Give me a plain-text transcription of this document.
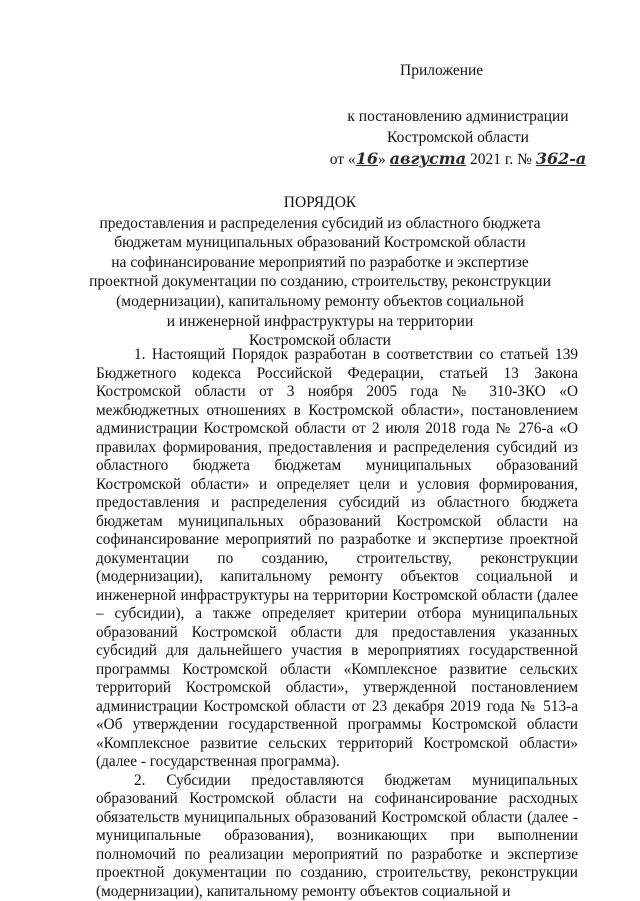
Приложение
к постановлению администрации
Костромской области
от «16» августа 2021 г. № 362-а
ПОРЯДОК
предоставления и распределения субсидий из областного бюджета
бюджетам муниципальных образований Костромской области
на софинансирование мероприятий по разработке и экспертизе
проектной документации по созданию, строительству, реконструкции
(модернизации), капитальному ремонту объектов социальной
и инженерной инфраструктуры на территории
Костромской области

1. Настоящий Порядок разработан в соответствии со статьей 139 Бюджетного кодекса Российской Федерации, статьей 13 Закона Костромской области от 3 ноября 2005 года № 310-ЗКО «О межбюджетных отношениях в Костромской области», постановлением администрации Костромской области от 2 июля 2018 года № 276-а «О правилах формирования, предоставления и распределения субсидий из областного бюджета бюджетам муниципальных образований Костромской области» и определяет цели и условия формирования, предоставления и распределения субсидий из областного бюджета бюджетам муниципальных образований Костромской области на софинансирование мероприятий по разработке и экспертизе проектной документации по созданию, строительству, реконструкции (модернизации), капитальному ремонту объектов социальной и инженерной инфраструктуры на территории Костромской области (далее – субсидии), а также определяет критерии отбора муниципальных образований Костромской области для предоставления указанных субсидий для дальнейшего участия в мероприятиях государственной программы Костромской области «Комплексное развитие сельских территорий Костромской области», утвержденной постановлением администрации Костромской области от 23 декабря 2019 года № 513-а «Об утверждении государственной программы Костромской области «Комплексное развитие сельских территорий Костромской области» (далее - государственная программа).

2. Субсидии предоставляются бюджетам муниципальных образований Костромской области на софинансирование расходных обязательств муниципальных образований Костромской области (далее - муниципальные образования), возникающих при выполнении полномочий по реализации мероприятий по разработке и экспертизе проектной документации по созданию, строительству, реконструкции (модернизации), капитальному ремонту объектов социальной и
